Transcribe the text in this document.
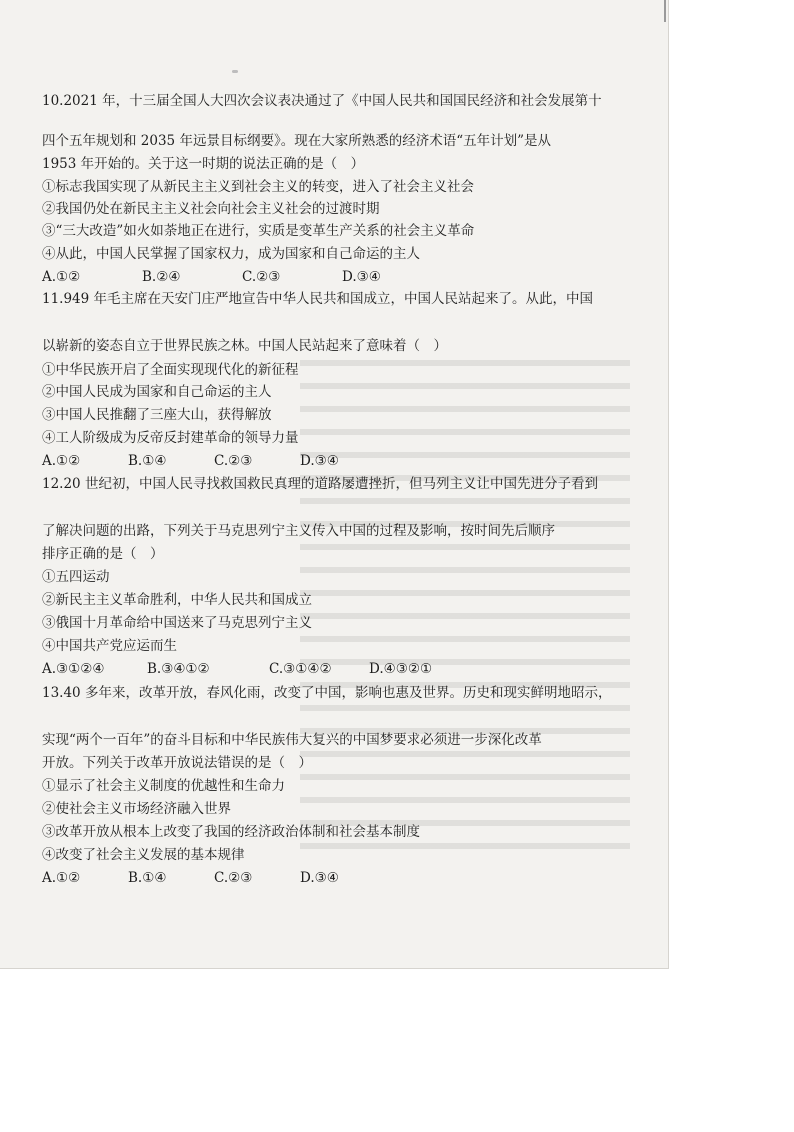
10.2021 年，十三届全国人大四次会议表决通过了《中国人民共和国国民经济和社会发展第十
四个五年规划和 2035 年远景目标纲要》。现在大家所熟悉的经济术语“五年计划”是从
1953 年开始的。关于这一时期的说法正确的是（　）
①标志我国实现了从新民主主义到社会主义的转变，进入了社会主义社会
②我国仍处在新民主主义社会向社会主义社会的过渡时期
③“三大改造”如火如荼地正在进行，实质是变革生产关系的社会主义革命
④从此，中国人民掌握了国家权力，成为国家和自己命运的主人
A.①②	B.②④	C.②③	D.③④
11.949 年毛主席在天安门庄严地宣告中华人民共和国成立，中国人民站起来了。从此，中国
以崭新的姿态自立于世界民族之林。中国人民站起来了意味着（　）
①中华民族开启了全面实现现代化的新征程
②中国人民成为国家和自己命运的主人
③中国人民推翻了三座大山，获得解放
④工人阶级成为反帝反封建革命的领导力量
A.①②	B.①④	C.②③	D.③④
12.20 世纪初，中国人民寻找救国救民真理的道路屡遭挫折，但马列主义让中国先进分子看到
了解决问题的出路，下列关于马克思列宁主义传入中国的过程及影响，按时间先后顺序
排序正确的是（　）
①五四运动
②新民主主义革命胜利，中华人民共和国成立
③俄国十月革命给中国送来了马克思列宁主义
④中国共产党应运而生
A.③①②④	B.③④①②	C.③①④②	D.④③②①
13.40 多年来，改革开放，春风化雨，改变了中国，影响也惠及世界。历史和现实鲜明地昭示，
实现“两个一百年”的奋斗目标和中华民族伟大复兴的中国梦要求必须进一步深化改革
开放。下列关于改革开放说法错误的是（　）
①显示了社会主义制度的优越性和生命力
②使社会主义市场经济融入世界
③改革开放从根本上改变了我国的经济政治体制和社会基本制度
④改变了社会主义发展的基本规律
A.①②	B.①④	C.②③	D.③④
